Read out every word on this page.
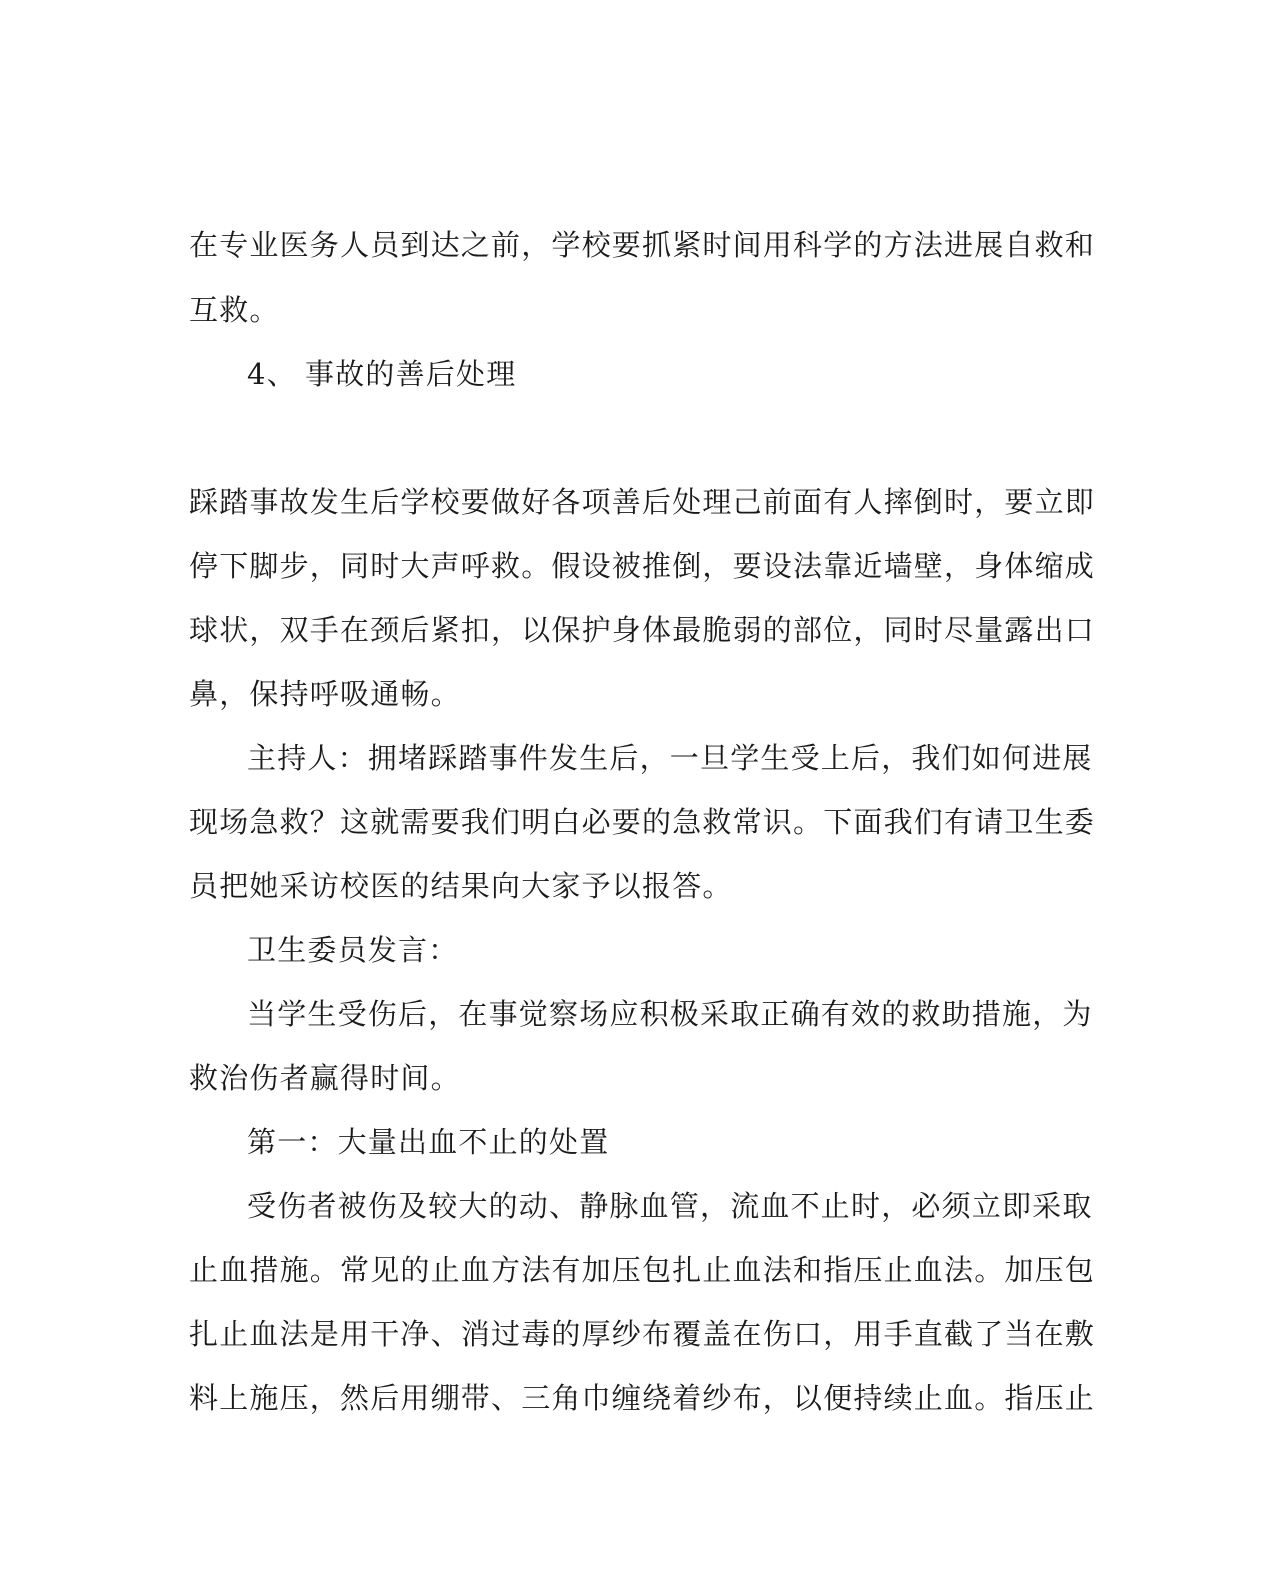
在专业医务人员到达之前，学校要抓紧时间用科学的方法进展自救和
互救。
4、 事故的善后处理
踩踏事故发生后学校要做好各项善后处理己前面有人摔倒时，要立即
停下脚步，同时大声呼救。假设被推倒，要设法靠近墙壁，身体缩成
球状，双手在颈后紧扣，以保护身体最脆弱的部位，同时尽量露出口
鼻，保持呼吸通畅。
主持人：拥堵踩踏事件发生后，一旦学生受上后，我们如何进展
现场急救？这就需要我们明白必要的急救常识。下面我们有请卫生委
员把她采访校医的结果向大家予以报答。
卫生委员发言：
当学生受伤后，在事觉察场应积极采取正确有效的救助措施，为
救治伤者赢得时间。
第一：大量出血不止的处置
受伤者被伤及较大的动、静脉血管，流血不止时，必须立即采取
止血措施。常见的止血方法有加压包扎止血法和指压止血法。加压包
扎止血法是用干净、消过毒的厚纱布覆盖在伤口，用手直截了当在敷
料上施压，然后用绷带、三角巾缠绕着纱布，以便持续止血。指压止
